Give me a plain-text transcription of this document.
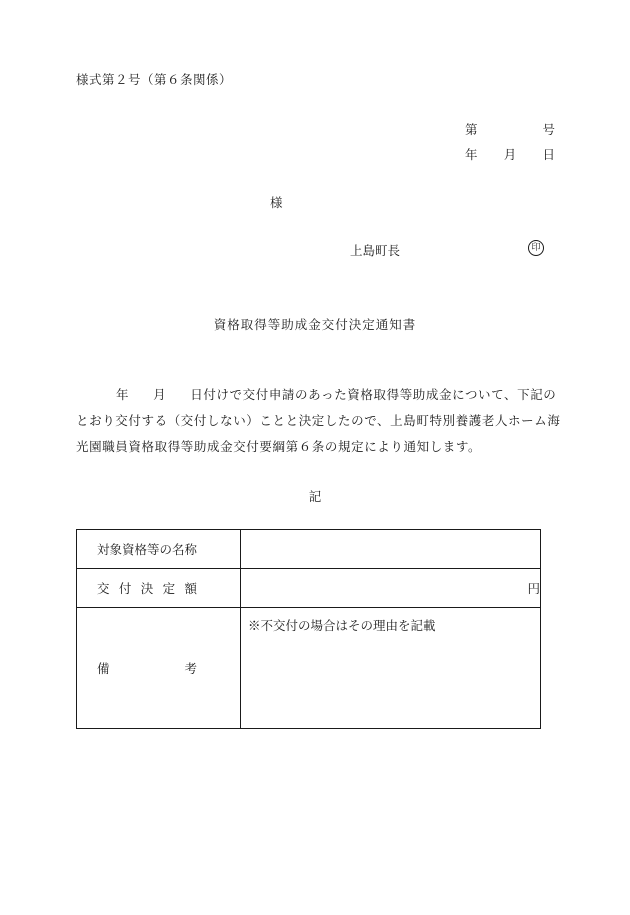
様式第２号（第６条関係）
第	号
年 月 日
様
上島町長	印
資格取得等助成金交付決定通知書
年 月 日付けで交付申請のあった資格取得等助成金について、下記の
とおり交付する（交付しない）ことと決定したので、上島町特別養護老人ホーム海
光園職員資格取得等助成金交付要綱第６条の規定により通知します。
記
対象資格等の名称	

交 付 決 定 額	円

備 考	※不交付の場合はその理由を記載
